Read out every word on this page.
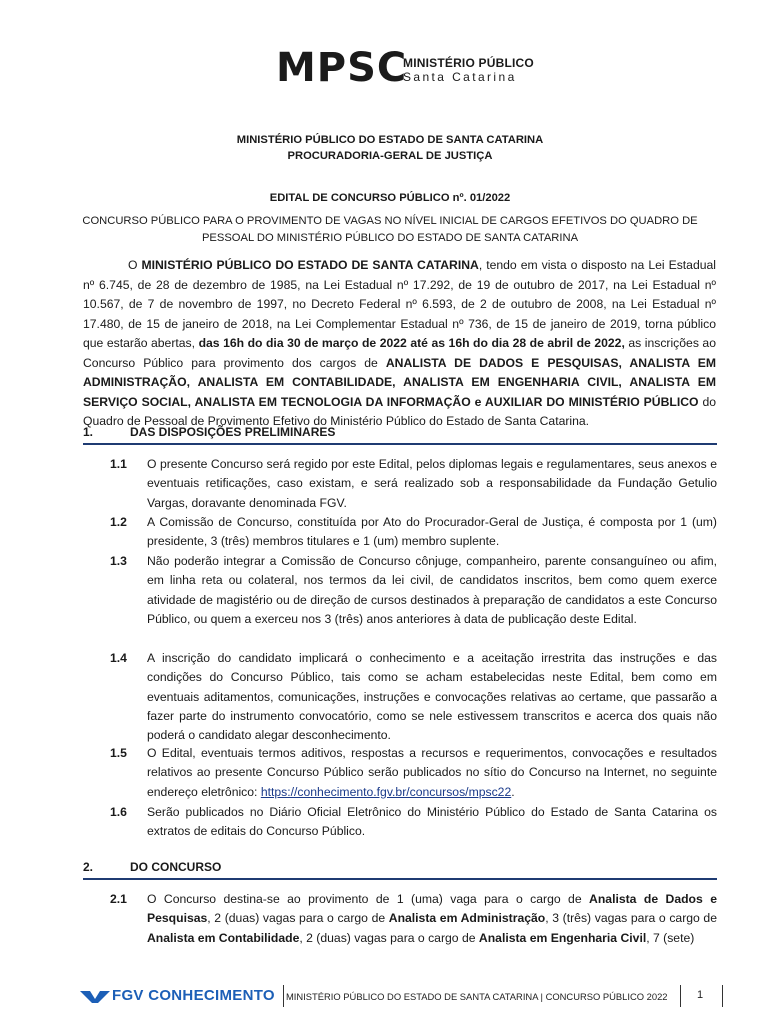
MPSC
MINISTÉRIO PÚBLICO
Santa Catarina
MINISTÉRIO PÚBLICO DO ESTADO DE SANTA CATARINA
PROCURADORIA-GERAL DE JUSTIÇA
EDITAL DE CONCURSO PÚBLICO nº. 01/2022
CONCURSO PÚBLICO PARA O PROVIMENTO DE VAGAS NO NÍVEL INICIAL DE CARGOS EFETIVOS DO QUADRO DE
PESSOAL DO MINISTÉRIO PÚBLICO DO ESTADO DE SANTA CATARINA
O MINISTÉRIO PÚBLICO DO ESTADO DE SANTA CATARINA, tendo em vista o disposto na Lei Estadual nº 6.745, de 28 de dezembro de 1985, na Lei Estadual nº 17.292, de 19 de outubro de 2017, na Lei Estadual nº 10.567, de 7 de novembro de 1997, no Decreto Federal nº 6.593, de 2 de outubro de 2008, na Lei Estadual nº 17.480, de 15 de janeiro de 2018, na Lei Complementar Estadual nº 736, de 15 de janeiro de 2019, torna público que estarão abertas, das 16h do dia 30 de março de 2022 até as 16h do dia 28 de abril de 2022, as inscrições ao Concurso Público para provimento dos cargos de ANALISTA DE DADOS E PESQUISAS, ANALISTA EM ADMINISTRAÇÃO, ANALISTA EM CONTABILIDADE, ANALISTA EM ENGENHARIA CIVIL, ANALISTA EM SERVIÇO SOCIAL, ANALISTA EM TECNOLOGIA DA INFORMAÇÃO e AUXILIAR DO MINISTÉRIO PÚBLICO do Quadro de Pessoal de Provimento Efetivo do Ministério Público do Estado de Santa Catarina.
1.	DAS DISPOSIÇÕES PRELIMINARES
1.1 O presente Concurso será regido por este Edital, pelos diplomas legais e regulamentares, seus anexos e eventuais retificações, caso existam, e será realizado sob a responsabilidade da Fundação Getulio Vargas, doravante denominada FGV.
1.2 A Comissão de Concurso, constituída por Ato do Procurador-Geral de Justiça, é composta por 1 (um) presidente, 3 (três) membros titulares e 1 (um) membro suplente.
1.3 Não poderão integrar a Comissão de Concurso cônjuge, companheiro, parente consanguíneo ou afim, em linha reta ou colateral, nos termos da lei civil, de candidatos inscritos, bem como quem exerce atividade de magistério ou de direção de cursos destinados à preparação de candidatos a este Concurso Público, ou quem a exerceu nos 3 (três) anos anteriores à data de publicação deste Edital.
1.4 A inscrição do candidato implicará o conhecimento e a aceitação irrestrita das instruções e das condições do Concurso Público, tais como se acham estabelecidas neste Edital, bem como em eventuais aditamentos, comunicações, instruções e convocações relativas ao certame, que passarão a fazer parte do instrumento convocatório, como se nele estivessem transcritos e acerca dos quais não poderá o candidato alegar desconhecimento.
1.5 O Edital, eventuais termos aditivos, respostas a recursos e requerimentos, convocações e resultados relativos ao presente Concurso Público serão publicados no sítio do Concurso na Internet, no seguinte endereço eletrônico: https://conhecimento.fgv.br/concursos/mpsc22.
1.6 Serão publicados no Diário Oficial Eletrônico do Ministério Público do Estado de Santa Catarina os extratos de editais do Concurso Público.
2.	DO CONCURSO
2.1 O Concurso destina-se ao provimento de 1 (uma) vaga para o cargo de Analista de Dados e Pesquisas, 2 (duas) vagas para o cargo de Analista em Administração, 3 (três) vagas para o cargo de Analista em Contabilidade, 2 (duas) vagas para o cargo de Analista em Engenharia Civil, 7 (sete)
FGV CONHECIMENTO MINISTÉRIO PÚBLICO DO ESTADO DE SANTA CATARINA | CONCURSO PÚBLICO 2022	1
